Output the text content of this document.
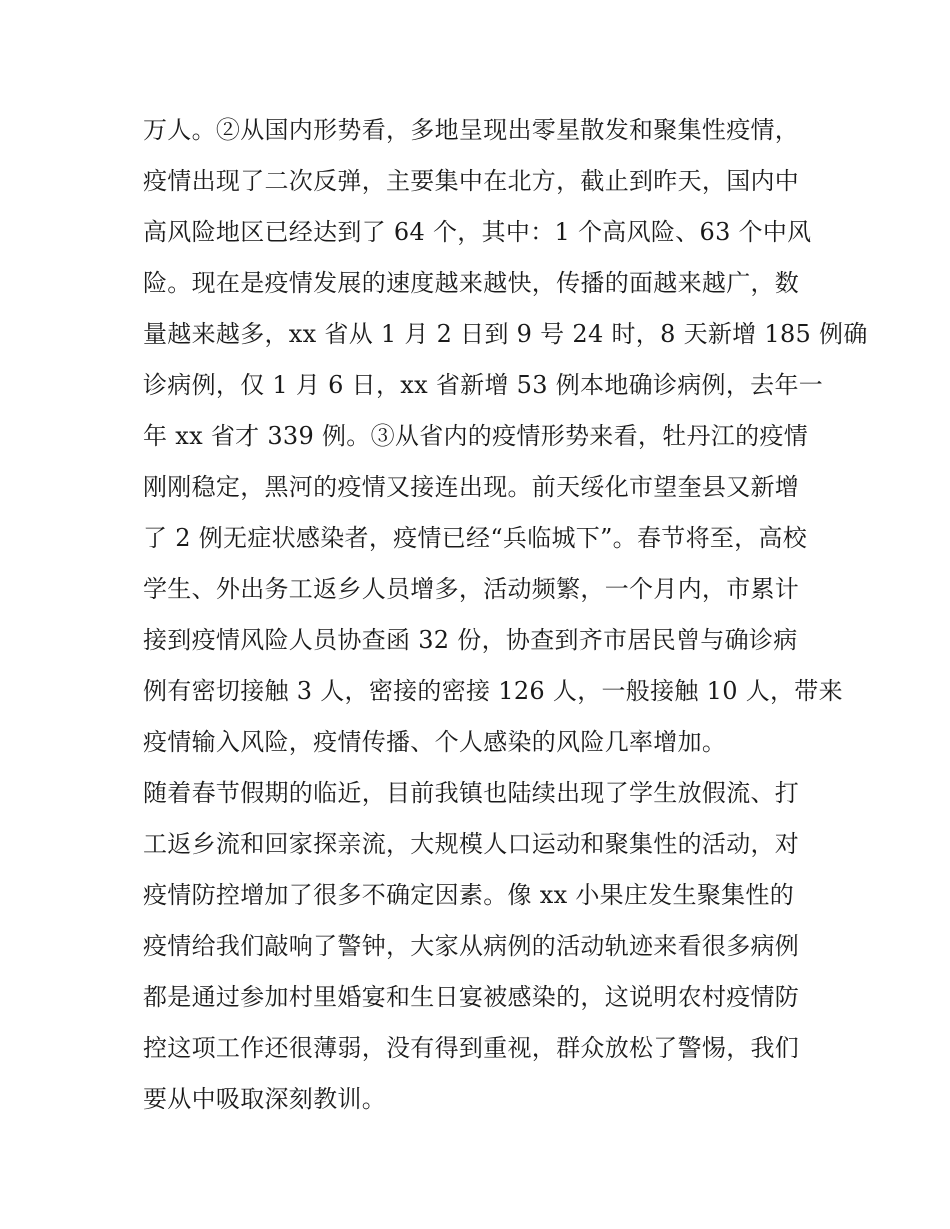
万人。②从国内形势看，多地呈现出零星散发和聚集性疫情，
疫情出现了二次反弹，主要集中在北方，截止到昨天，国内中
高风险地区已经达到了 64 个，其中：1 个高风险、63 个中风
险。现在是疫情发展的速度越来越快，传播的面越来越广，数
量越来越多，xx 省从 1 月 2 日到 9 号 24 时，8 天新增 185 例确
诊病例，仅 1 月 6 日，xx 省新增 53 例本地确诊病例，去年一
年 xx 省才 339 例。③从省内的疫情形势来看，牡丹江的疫情
刚刚稳定，黑河的疫情又接连出现。前天绥化市望奎县又新增
了 2 例无症状感染者，疫情已经“兵临城下”。春节将至，高校
学生、外出务工返乡人员增多，活动频繁，一个月内，市累计
接到疫情风险人员协查函 32 份，协查到齐市居民曾与确诊病
例有密切接触 3 人，密接的密接 126 人，一般接触 10 人，带来
疫情输入风险，疫情传播、个人感染的风险几率增加。
随着春节假期的临近，目前我镇也陆续出现了学生放假流、打
工返乡流和回家探亲流，大规模人口运动和聚集性的活动，对
疫情防控增加了很多不确定因素。像 xx 小果庄发生聚集性的
疫情给我们敲响了警钟，大家从病例的活动轨迹来看很多病例
都是通过参加村里婚宴和生日宴被感染的，这说明农村疫情防
控这项工作还很薄弱，没有得到重视，群众放松了警惕，我们
要从中吸取深刻教训。
